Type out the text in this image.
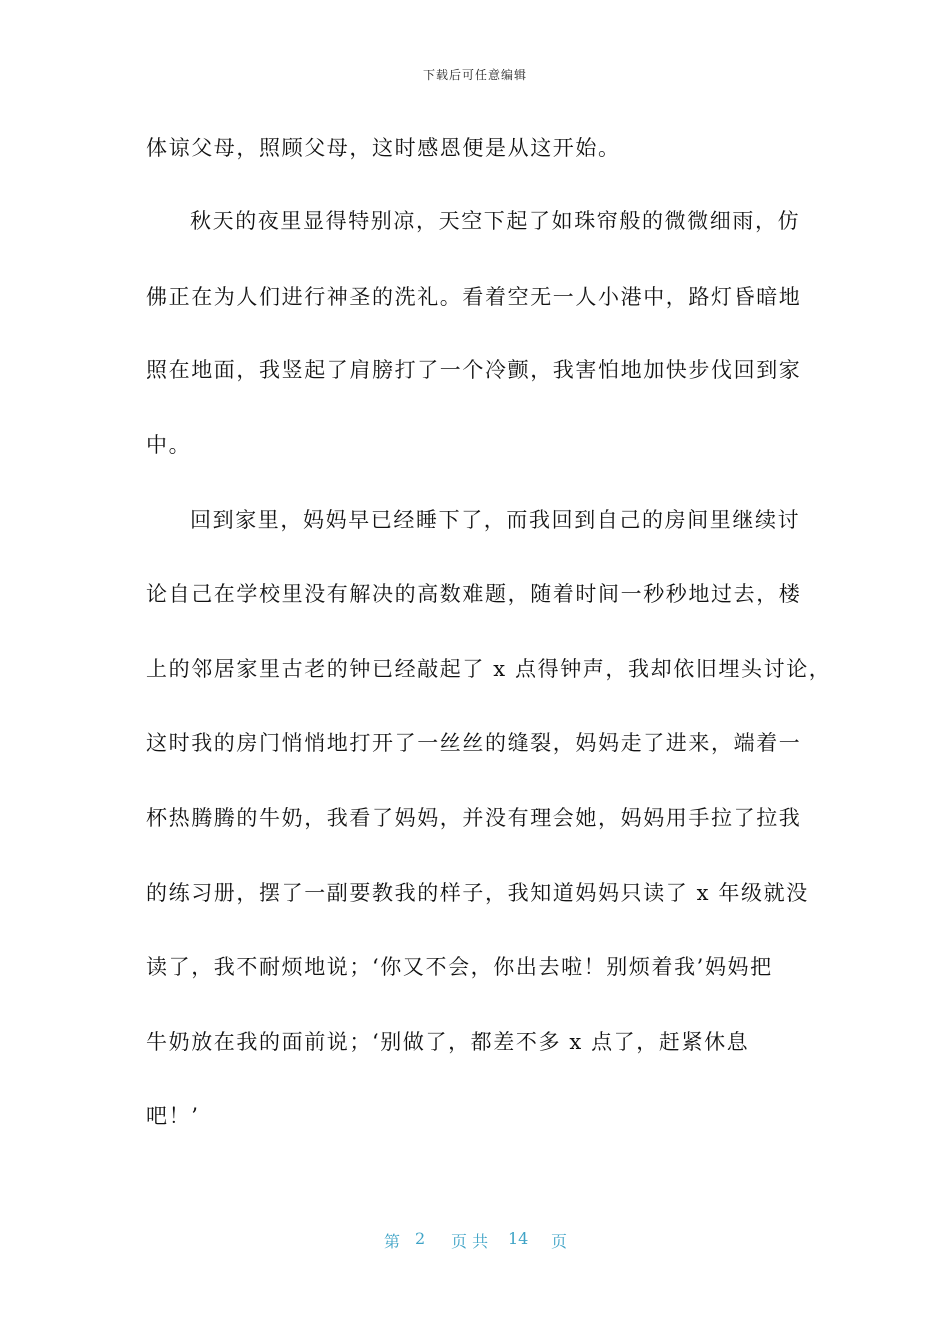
下载后可任意编辑
体谅父母，照顾父母，这时感恩便是从这开始。
秋天的夜里显得特别凉，天空下起了如珠帘般的微微细雨，仿
佛正在为人们进行神圣的洗礼。看着空无一人小港中，路灯昏暗地
照在地面，我竖起了肩膀打了一个冷颤，我害怕地加快步伐回到家
中。
回到家里，妈妈早已经睡下了，而我回到自己的房间里继续讨
论自己在学校里没有解决的高数难题，随着时间一秒秒地过去，楼
上的邻居家里古老的钟已经敲起了 x 点得钟声，我却依旧埋头讨论，
这时我的房门悄悄地打开了一丝丝的缝裂，妈妈走了进来，端着一
杯热腾腾的牛奶，我看了妈妈，并没有理会她，妈妈用手拉了拉我
的练习册，摆了一副要教我的样子，我知道妈妈只读了 x 年级就没
读了，我不耐烦地说；‘你又不会，你出去啦！别烦着我’妈妈把
牛奶放在我的面前说；‘别做了，都差不多 x 点了，赶紧休息
吧！’
第 2 页 共 14 页
